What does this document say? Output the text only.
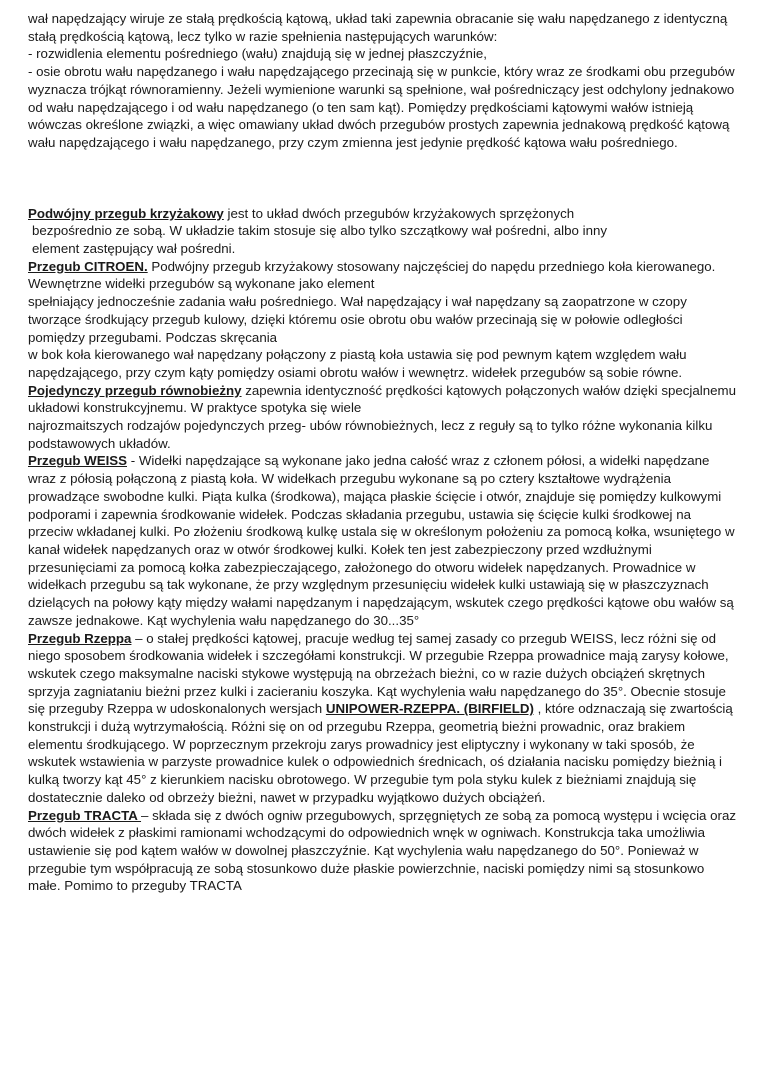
wał napędzający wiruje ze stałą prędkością kątową, układ taki zapewnia obracanie się wału napędzanego z identyczną stałą prędkością kątową, lecz tylko w razie spełnienia następujących warunków:
- rozwidlenia elementu pośredniego (wału) znajdują się w jednej płaszczyźnie,
- osie obrotu wału napędzanego i wału napędzającego przecinają się w punkcie, który wraz ze środkami obu przegubów wyznacza trójkąt równoramienny. Jeżeli wymienione warunki są spełnione, wał pośredniczący jest odchylony jednakowo od wału napędzającego i od wału napędzanego (o ten sam kąt). Pomiędzy prędkościami kątowymi wałów istnieją wówczas określone związki, a więc omawiany układ dwóch przegubów prostych zapewnia jednakową prędkość kątową wału napędzającego i wału napędzanego, przy czym zmienna jest jedynie prędkość kątowa wału pośredniego.
Podwójny przegub krzyżakowy jest to układ dwóch przegubów krzyżakowych sprzężonych
bezpośrednio ze sobą. W układzie takim stosuje się albo tylko szczątkowy wał pośredni, albo inny
element zastępujący wał pośredni.
Przegub CITROEN. Podwójny przegub krzyżakowy stosowany najczęściej do napędu przedniego koła kierowanego. Wewnętrzne widełki przegubów są wykonane jako element
spełniający jednocześnie zadania wału pośredniego. Wał napędzający i wał napędzany są zaopatrzone w czopy tworzące środkujący przegub kulowy, dzięki któremu osie obrotu obu wałów przecinają się w połowie odległości pomiędzy przegubami. Podczas skręcania
w bok koła kierowanego wał napędzany połączony z piastą koła ustawia się pod pewnym kątem względem wału napędzającego, przy czym kąty pomiędzy osiami obrotu wałów i wewnętrz. widełek przegubów są sobie równe.
Pojedynczy przegub równobieżny zapewnia identyczność prędkości kątowych połączonych wałów dzięki specjalnemu układowi konstrukcyjnemu. W praktyce spotyka się wiele
najrozmaitszych rodzajów pojedynczych przeg- ubów równobieżnych, lecz z reguły są to tylko różne wykonania kilku podstawowych układów.
Przegub WEISS - Widełki napędzające są wykonane jako jedna całość wraz z członem półosi, a widełki napędzane wraz z półosią połączoną z piastą koła. W widełkach przegubu wykonane są po cztery kształtowe wydrążenia prowadzące swobodne kulki. Piąta kulka (środkowa), mająca płaskie ścięcie i otwór, znajduje się pomiędzy kulkowymi podporami i zapewnia środkowanie widełek. Podczas składania przegubu, ustawia się ścięcie kulki środkowej na przeciw wkładanej kulki. Po złożeniu środkową kulkę ustala się w określonym położeniu za pomocą kołka, wsuniętego w kanał widełek napędzanych oraz w otwór środkowej kulki. Kołek ten jest zabezpieczony przed wzdłużnymi przesunięciami za pomocą kołka zabezpieczającego, założonego do otworu widełek napędzanych. Prowadnice w widełkach przegubu są tak wykonane, że przy względnym przesunięciu widełek kulki ustawiają się w płaszczyznach dzielących na połowy kąty między wałami napędzanym i napędzającym, wskutek czego prędkości kątowe obu wałów są zawsze jednakowe. Kąt wychylenia wału napędzanego do 30...35°
Przegub Rzeppa – o stałej prędkości kątowej, pracuje według tej samej zasady co przegub WEISS, lecz różni się od niego sposobem środkowania widełek i szczegółami konstrukcji. W przegubie Rzeppa prowadnice mają zarysy kołowe, wskutek czego maksymalne naciski stykowe występują na obrzeżach bieżni, co w razie dużych obciążeń skrętnych sprzyja zagniataniu bieżni przez kulki i zacieraniu koszyka. Kąt wychylenia wału napędzanego do 35°. Obecnie stosuje się przeguby Rzeppa w udoskonalonych wersjach UNIPOWER-RZEPPA. (BIRFIELD) , które odznaczają się zwartością konstrukcji i dużą wytrzymałością. Różni się on od przegubu Rzeppa, geometrią bieżni prowadnic, oraz brakiem elementu środkującego. W poprzecznym przekroju zarys prowadnicy jest eliptyczny i wykonany w taki sposób, że wskutek wstawienia w parzyste prowadnice kulek o odpowiednich średnicach, oś działania nacisku pomiędzy bieżnią i kulką tworzy kąt 45° z kierunkiem nacisku obrotowego. W przegubie tym pola styku kulek z bieżniami znajdują się dostatecznie daleko od obrzeży bieżni, nawet w przypadku wyjątkowo dużych obciążeń.
Przegub TRACTA – składa się z dwóch ogniw przegubowych, sprzęgniętych ze sobą za pomocą występu i wcięcia oraz dwóch widełek z płaskimi ramionami wchodzącymi do odpowiednich wnęk w ogniwach. Konstrukcja taka umożliwia ustawienie się pod kątem wałów w dowolnej płaszczyźnie. Kąt wychylenia wału napędzanego do 50°. Ponieważ w przegubie tym współpracują ze sobą stosunkowo duże płaskie powierzchnie, naciski pomiędzy nimi są stosunkowo małe. Pomimo to przeguby TRACTA
